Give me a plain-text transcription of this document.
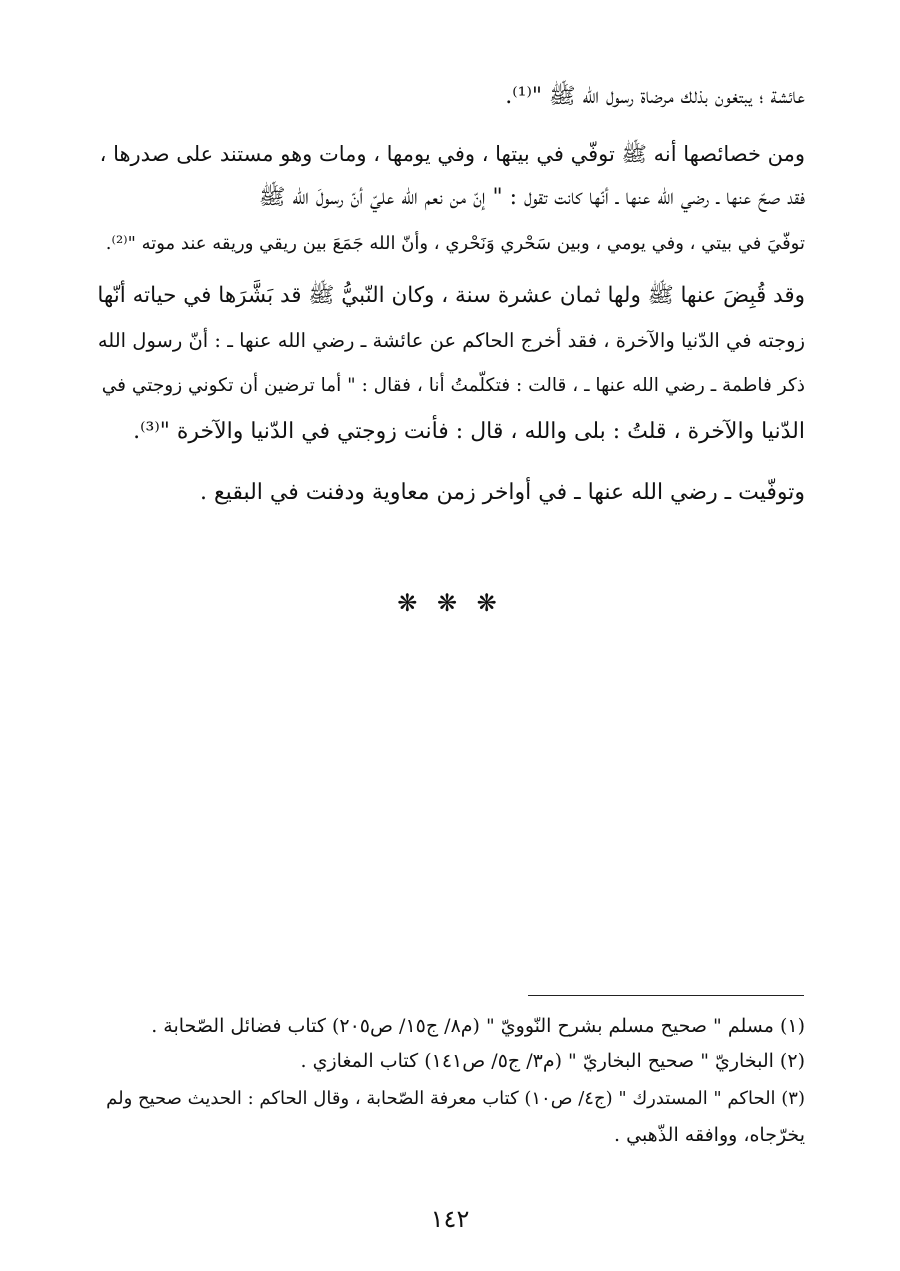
عائشة ؛ يبتغون بذلك مرضاة رسول الله ﷺ "⁽¹⁾.
ومن خصائصها أنه ﷺ توفّي في بيتها ، وفي يومها ، ومات وهو مستند على صدرها ،
فقد صحّ عنها ـ رضي الله عنها ـ أنّها كانت تقول : " إنّ من نعم الله عليّ أنّ رسولَ الله ﷺ
توفّيَ في بيتي ، وفي يومي ، وبين سَحْري وَنَحْري ، وأنّ الله جَمَعَ بين ريقي وريقه عند موته "⁽²⁾.
وقد قُبِضَ عنها ﷺ ولها ثمان عشرة سنة ، وكان النّبيُّ ﷺ قد بَشَّرَها في حياته أنّها
زوجته في الدّنيا والآخرة ، فقد أخرج الحاكم عن عائشة ـ رضي الله عنها ـ : أنّ رسول الله
ذكر فاطمة ـ رضي الله عنها ـ ، قالت : فتكلّمتُ أنا ، فقال : " أما ترضين أن تكوني زوجتي في
الدّنيا والآخرة ، قلتُ : بلى والله ، قال : فأنت زوجتي في الدّنيا والآخرة "⁽³⁾.
وتوفّيت ـ رضي الله عنها ـ في أواخر زمن معاوية ودفنت في البقيع .
❋ ❋ ❋
(١) مسلم " صحيح مسلم بشرح النّوويّ " (م٨/ ج١٥/ ص٢٠٥) كتاب فضائل الصّحابة .
(٢) البخاريّ " صحيح البخاريّ " (م٣/ ج٥/ ص١٤١) كتاب المغازي .
(٣) الحاكم " المستدرك " (ج٤/ ص١٠) كتاب معرفة الصّحابة ، وقال الحاكم : الحديث صحيح ولم
يخرّجاه، ووافقه الذّهبي .
١٤٢
